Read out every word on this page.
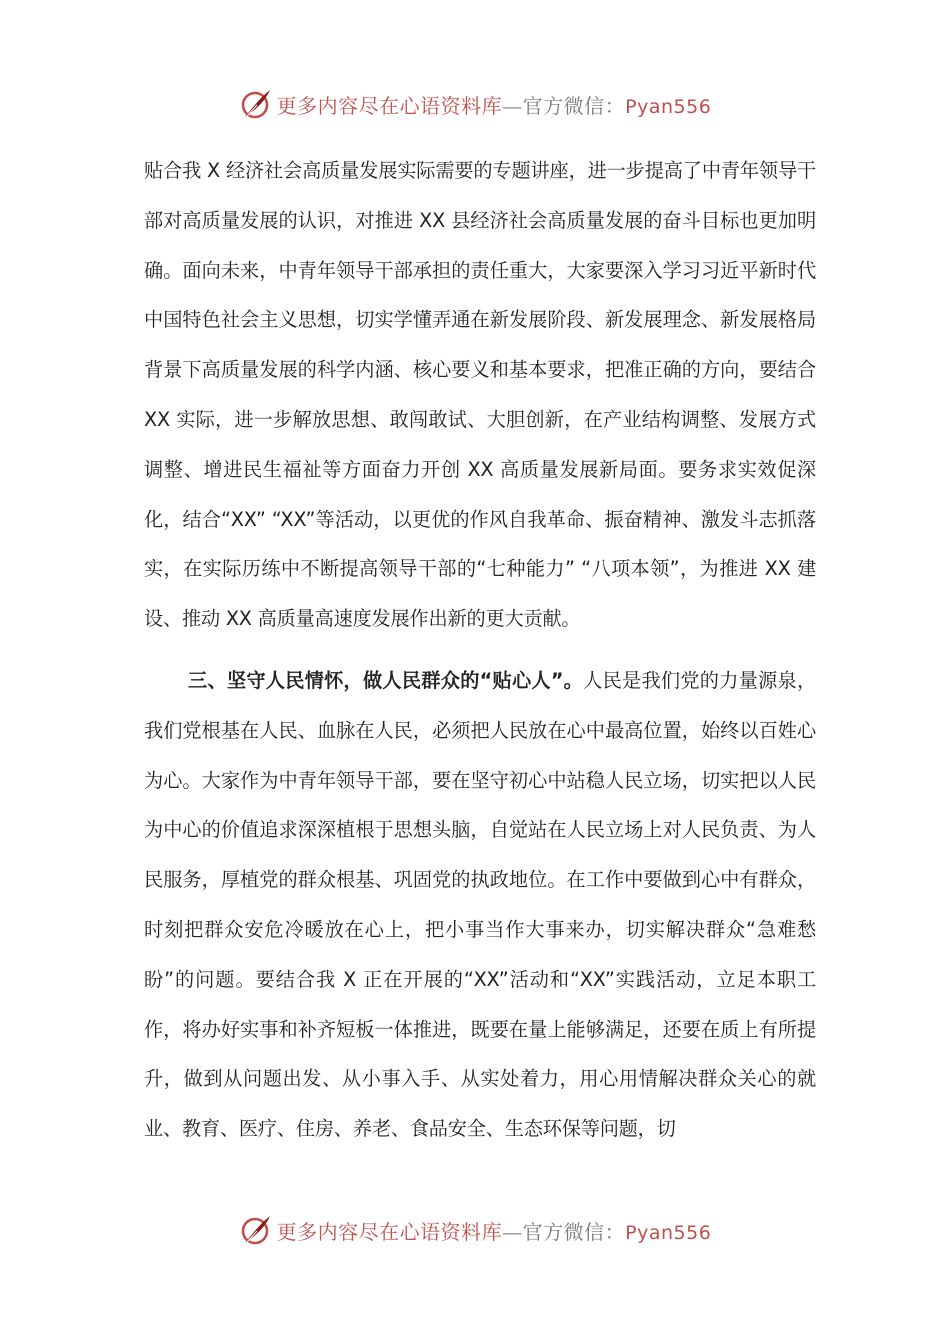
更多内容尽在心语资料库—官方微信：Pyan556

贴合我 X 经济社会高质量发展实际需要的专题讲座，进一步提高了中青年领导干部对高质量发展的认识，对推进 XX 县经济社会高质量发展的奋斗目标也更加明确。面向未来，中青年领导干部承担的责任重大，大家要深入学习习近平新时代中国特色社会主义思想，切实学懂弄通在新发展阶段、新发展理念、新发展格局背景下高质量发展的科学内涵、核心要义和基本要求，把准正确的方向，要结合 XX 实际，进一步解放思想、敢闯敢试、大胆创新，在产业结构调整、发展方式调整、增进民生福祉等方面奋力开创 XX 高质量发展新局面。要务求实效促深化，结合“XX” “XX”等活动，以更优的作风自我革命、振奋精神、激发斗志抓落实，在实际历练中不断提高领导干部的“七种能力” “八项本领”，为推进 XX 建设、推动 XX 高质量高速度发展作出新的更大贡献。

三、坚守人民情怀，做人民群众的“贴心人”。人民是我们党的力量源泉，我们党根基在人民、血脉在人民，必须把人民放在心中最高位置，始终以百姓心为心。大家作为中青年领导干部，要在坚守初心中站稳人民立场，切实把以人民为中心的价值追求深深植根于思想头脑，自觉站在人民立场上对人民负责、为人民服务，厚植党的群众根基、巩固党的执政地位。在工作中要做到心中有群众，时刻把群众安危冷暖放在心上，把小事当作大事来办，切实解决群众“急难愁盼”的问题。要结合我 X 正在开展的“XX”活动和“XX”实践活动，立足本职工作，将办好实事和补齐短板一体推进，既要在量上能够满足，还要在质上有所提升，做到从问题出发、从小事入手、从实处着力，用心用情解决群众关心的就业、教育、医疗、住房、养老、食品安全、生态环保等问题，切

更多内容尽在心语资料库—官方微信：Pyan556
